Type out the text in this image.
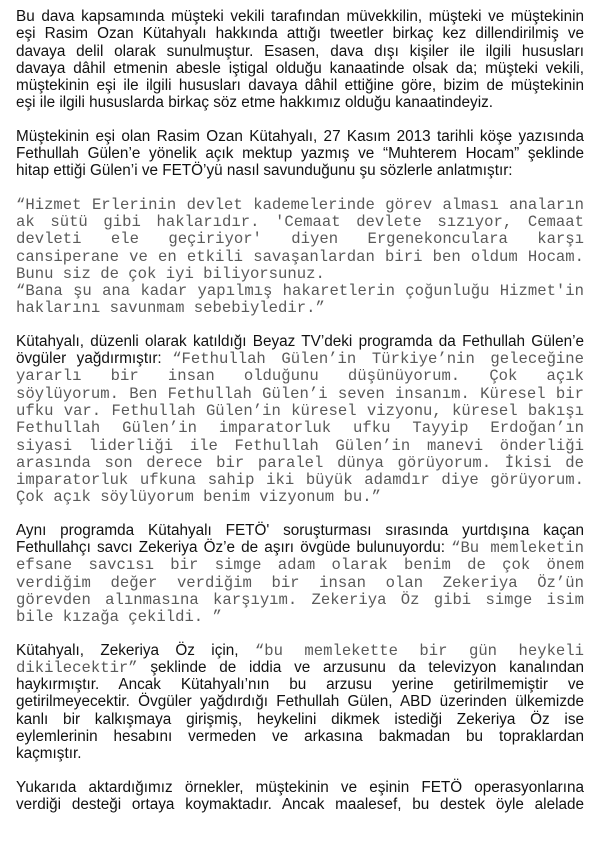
Bu dava kapsamında müşteki vekili tarafından müvekkilin, müşteki ve müştekinin
eşi Rasim Ozan Kütahyalı hakkında attığı tweetler birkaç kez dillendirilmiş ve
davaya delil olarak sunulmuştur. Esasen, dava dışı kişiler ile ilgili hususları
davaya dâhil etmenin abesle iştigal olduğu kanaatinde olsak da; müşteki vekili,
müştekinin eşi ile ilgili hususları davaya dâhil ettiğine göre, bizim de müştekinin
eşi ile ilgili hususlarda birkaç söz etme hakkımız olduğu kanaatindeyiz.
Müştekinin eşi olan Rasim Ozan Kütahyalı, 27 Kasım 2013 tarihli köşe yazısında
Fethullah Gülen’e yönelik açık mektup yazmış ve “Muhterem Hocam” şeklinde
hitap ettiği Gülen’i ve FETÖ’yü nasıl savunduğunu şu sözlerle anlatmıştır:
“Hizmet Erlerinin devlet kademelerinde görev alması anaların
ak sütü gibi haklarıdır. 'Cemaat devlete sızıyor, Cemaat
devleti ele geçiriyor' diyen Ergenekonculara karşı
cansiperane ve en etkili savaşanlardan biri ben oldum Hocam.
Bunu siz de çok iyi biliyorsunuz.
“Bana şu ana kadar yapılmış hakaretlerin çoğunluğu Hizmet'in
haklarını savunmam sebebiyledir.”
Kütahyalı, düzenli olarak katıldığı Beyaz TV’deki programda da Fethullah Gülen’e
övgüler yağdırmıştır: “Fethullah Gülen’in Türkiye’nin geleceğine
yararlı bir insan olduğunu düşünüyorum. Çok açık
söylüyorum. Ben Fethullah Gülen’i seven insanım. Küresel bir
ufku var. Fethullah Gülen’in küresel vizyonu, küresel bakışı
Fethullah Gülen’in imparatorluk ufku Tayyip Erdoğan’ın
siyasi liderliği ile Fethullah Gülen’in manevi önderliği
arasında son derece bir paralel dünya görüyorum. İkisi de
imparatorluk ufkuna sahip iki büyük adamdır diye görüyorum.
Çok açık söylüyorum benim vizyonum bu.”
Aynı programda Kütahyalı FETÖ' soruşturması sırasında yurtdışına kaçan
Fethullahçı savcı Zekeriya Öz’e de aşırı övgüde bulunuyordu: “Bu memleketin
efsane savcısı bir simge adam olarak benim de çok önem
verdiğim değer verdiğim bir insan olan Zekeriya Öz’ün
görevden alınmasına karşıyım. Zekeriya Öz gibi simge isim
bile kızağa çekildi. ”
Kütahyalı, Zekeriya Öz için, “bu memlekette bir gün heykeli
dikilecektir” şeklinde de iddia ve arzusunu da televizyon kanalından
haykırmıştır. Ancak Kütahyalı’nın bu arzusu yerine getirilmemiştir ve
getirilmeyecektir. Övgüler yağdırdığı Fethullah Gülen, ABD üzerinden ülkemizde
kanlı bir kalkışmaya girişmiş, heykelini dikmek istediği Zekeriya Öz ise
eylemlerinin hesabını vermeden ve arkasına bakmadan bu topraklardan
kaçmıştır.
Yukarıda aktardığımız örnekler, müştekinin ve eşinin FETÖ operasyonlarına
verdiği desteği ortaya koymaktadır. Ancak maalesef, bu destek öyle alelade
